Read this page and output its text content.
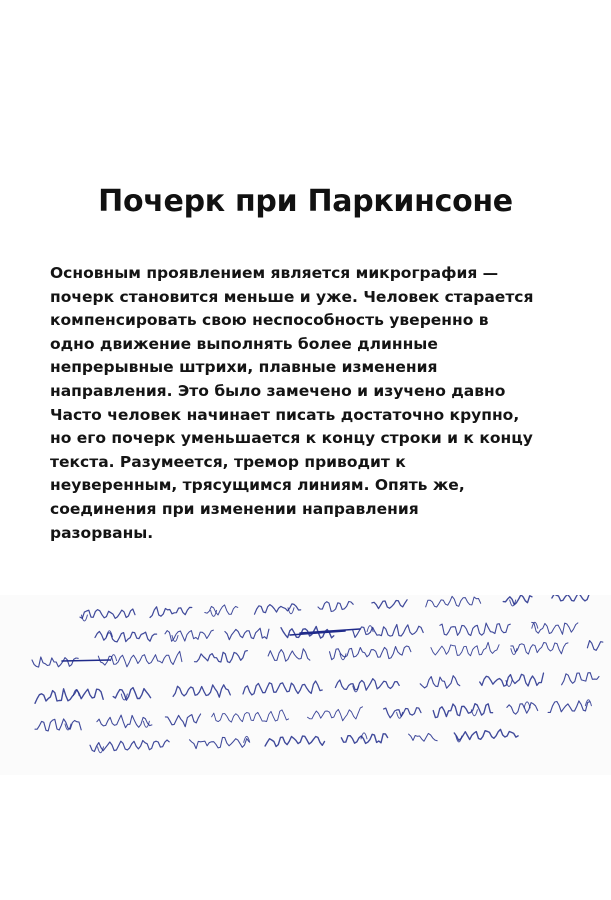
Почерк при Паркинсоне
Основным проявлением является микрография —
почерк становится меньше и уже. Человек старается
компенсировать свою неспособность уверенно в
одно движение выполнять более длинные
непрерывные штрихи, плавные изменения
направления. Это было замечено и изучено давно
Часто человек начинает писать достаточно крупно,
но его почерк уменьшается к концу строки и к концу
текста. Разумеется, тремор приводит к
неуверенным, трясущимся линиям. Опять же,
соединения при изменении направления
разорваны.
